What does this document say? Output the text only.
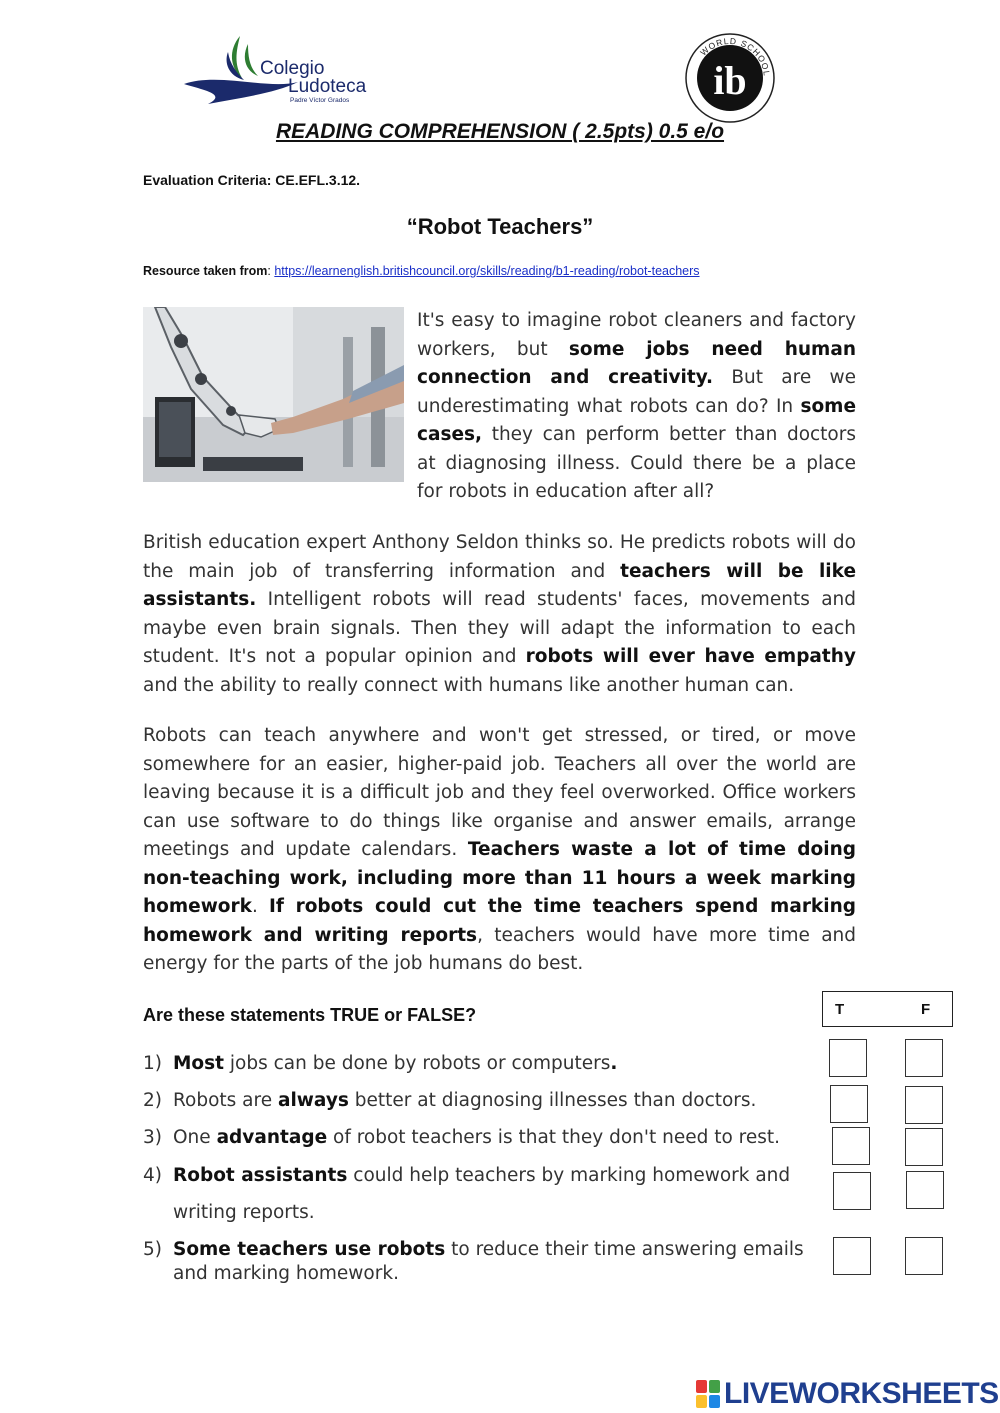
Colegio
Ludoteca
Padre Víctor Grados
WORLD SCHOOL
ib
READING COMPREHENSION ( 2.5pts) 0.5 e/o
Evaluation Criteria: CE.EFL.3.12.
“Robot Teachers”
Resource taken from: https://learnenglish.britishcouncil.org/skills/reading/b1-reading/robot-teachers

It's easy to imagine robot cleaners and factory workers, but some jobs need human connection and creativity. But are we underestimating what robots can do? In some cases, they can perform better than doctors at diagnosing illness. Could there be a place for robots in education after all?

British education expert Anthony Seldon thinks so. He predicts robots will do the main job of transferring information and teachers will be like assistants. Intelligent robots will read students' faces, movements and maybe even brain signals. Then they will adapt the information to each student. It's not a popular opinion and robots will ever have empathy and the ability to really connect with humans like another human can.

Robots can teach anywhere and won't get stressed, or tired, or move somewhere for an easier, higher-paid job. Teachers all over the world are leaving because it is a difficult job and they feel overworked. Office workers can use software to do things like organise and answer emails, arrange meetings and update calendars. Teachers waste a lot of time doing non-teaching work, including more than 11 hours a week marking homework. If robots could cut the time teachers spend marking homework and writing reports, teachers would have more time and energy for the parts of the job humans do best.

Are these statements TRUE or FALSE?	T	F
1) Most jobs can be done by robots or computers.
2) Robots are always better at diagnosing illnesses than doctors.
3) One advantage of robot teachers is that they don't need to rest.
4) Robot assistants could help teachers by marking homework and writing reports.
5) Some teachers use robots to reduce their time answering emails and marking homework.
LIVEWORKSHEETS
